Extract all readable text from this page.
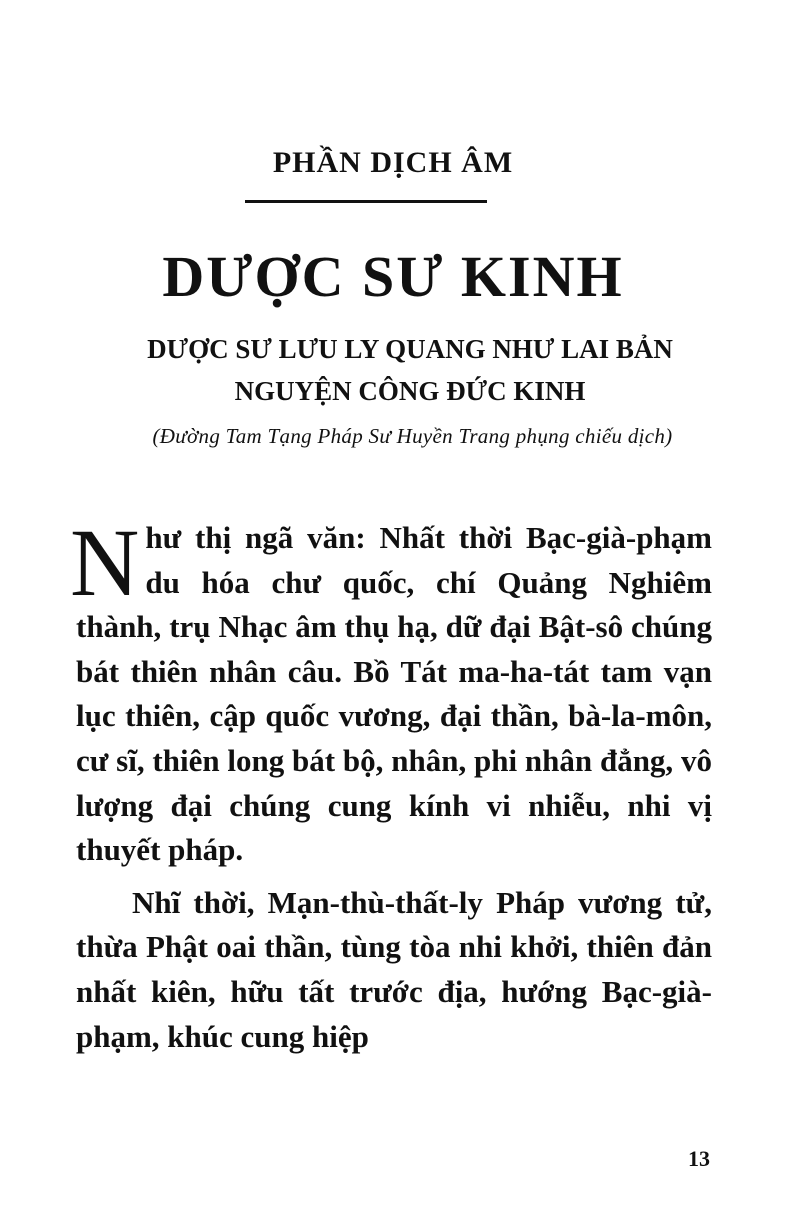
PHẦN DỊCH ÂM
DƯỢC SƯ KINH
DƯỢC SƯ LƯU LY QUANG NHƯ LAI BẢN
NGUYỆN CÔNG ĐỨC KINH
(Đường Tam Tạng Pháp Sư Huyền Trang phụng chiếu dịch)

Như thị ngã văn: Nhất thời Bạc-già-phạm du hóa chư quốc, chí Quảng Nghiêm thành, trụ Nhạc âm thụ hạ, dữ đại Bật-sô chúng bát thiên nhân câu. Bồ Tát ma-ha-tát tam vạn lục thiên, cập quốc vương, đại thần, bà-la-môn, cư sĩ, thiên long bát bộ, nhân, phi nhân đẳng, vô lượng đại chúng cung kính vi nhiễu, nhi vị thuyết pháp.

Nhĩ thời, Mạn-thù-thất-ly Pháp vương tử, thừa Phật oai thần, tùng tòa nhi khởi, thiên đản nhất kiên, hữu tất trước địa, hướng Bạc-già-phạm, khúc cung hiệp

13
